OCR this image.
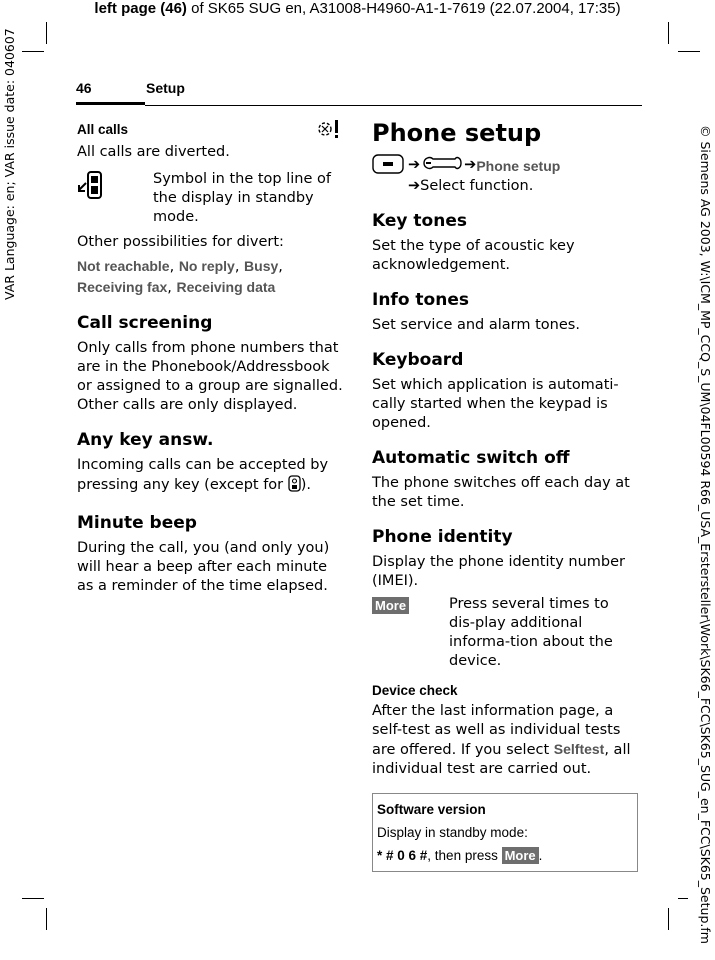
left page (46) of SK65 SUG en, A31008-H4960-A1-1-7619 (22.07.2004, 17:35)
VAR Language: en; VAR issue date: 040607	© Siemens AG 2003, W:\ICM_MP_CCQ_S_UM\04FL00594 R66_USA_Erstersteller\Work\SK66_FCC\SK65_SUG_en_FCC\SK65_Setup.fm
46	Setup
All calls
All calls are diverted.
Symbol in the top line of the display in standby mode.
Other possibilities for divert:
Not reachable, No reply, Busy,
Receiving fax, Receiving data
Call screening
Only calls from phone numbers that are in the Phonebook/Addressbook or assigned to a group are signalled. Other calls are only displayed.
Any key answ.
Incoming calls can be accepted by pressing any key (except for ).
Minute beep
During the call, you (and only you) will hear a beep after each minute as a reminder of the time elapsed.
Phone setup
➔	➔ Phone setup
➔Select function.
Key tones
Set the type of acoustic key acknowledgement.
Info tones
Set service and alarm tones.
Keyboard
Set which application is automati-cally started when the keypad is opened.
Automatic switch off
The phone switches off each day at the set time.
Phone identity
Display the phone identity number (IMEI).
More	Press several times to dis-play additional informa-tion about the device.
Device check
After the last information page, a self-test as well as individual tests are offered. If you select Selftest, all individual test are carried out.
Software version
Display in standby mode:
* # 0 6 #, then press More .
